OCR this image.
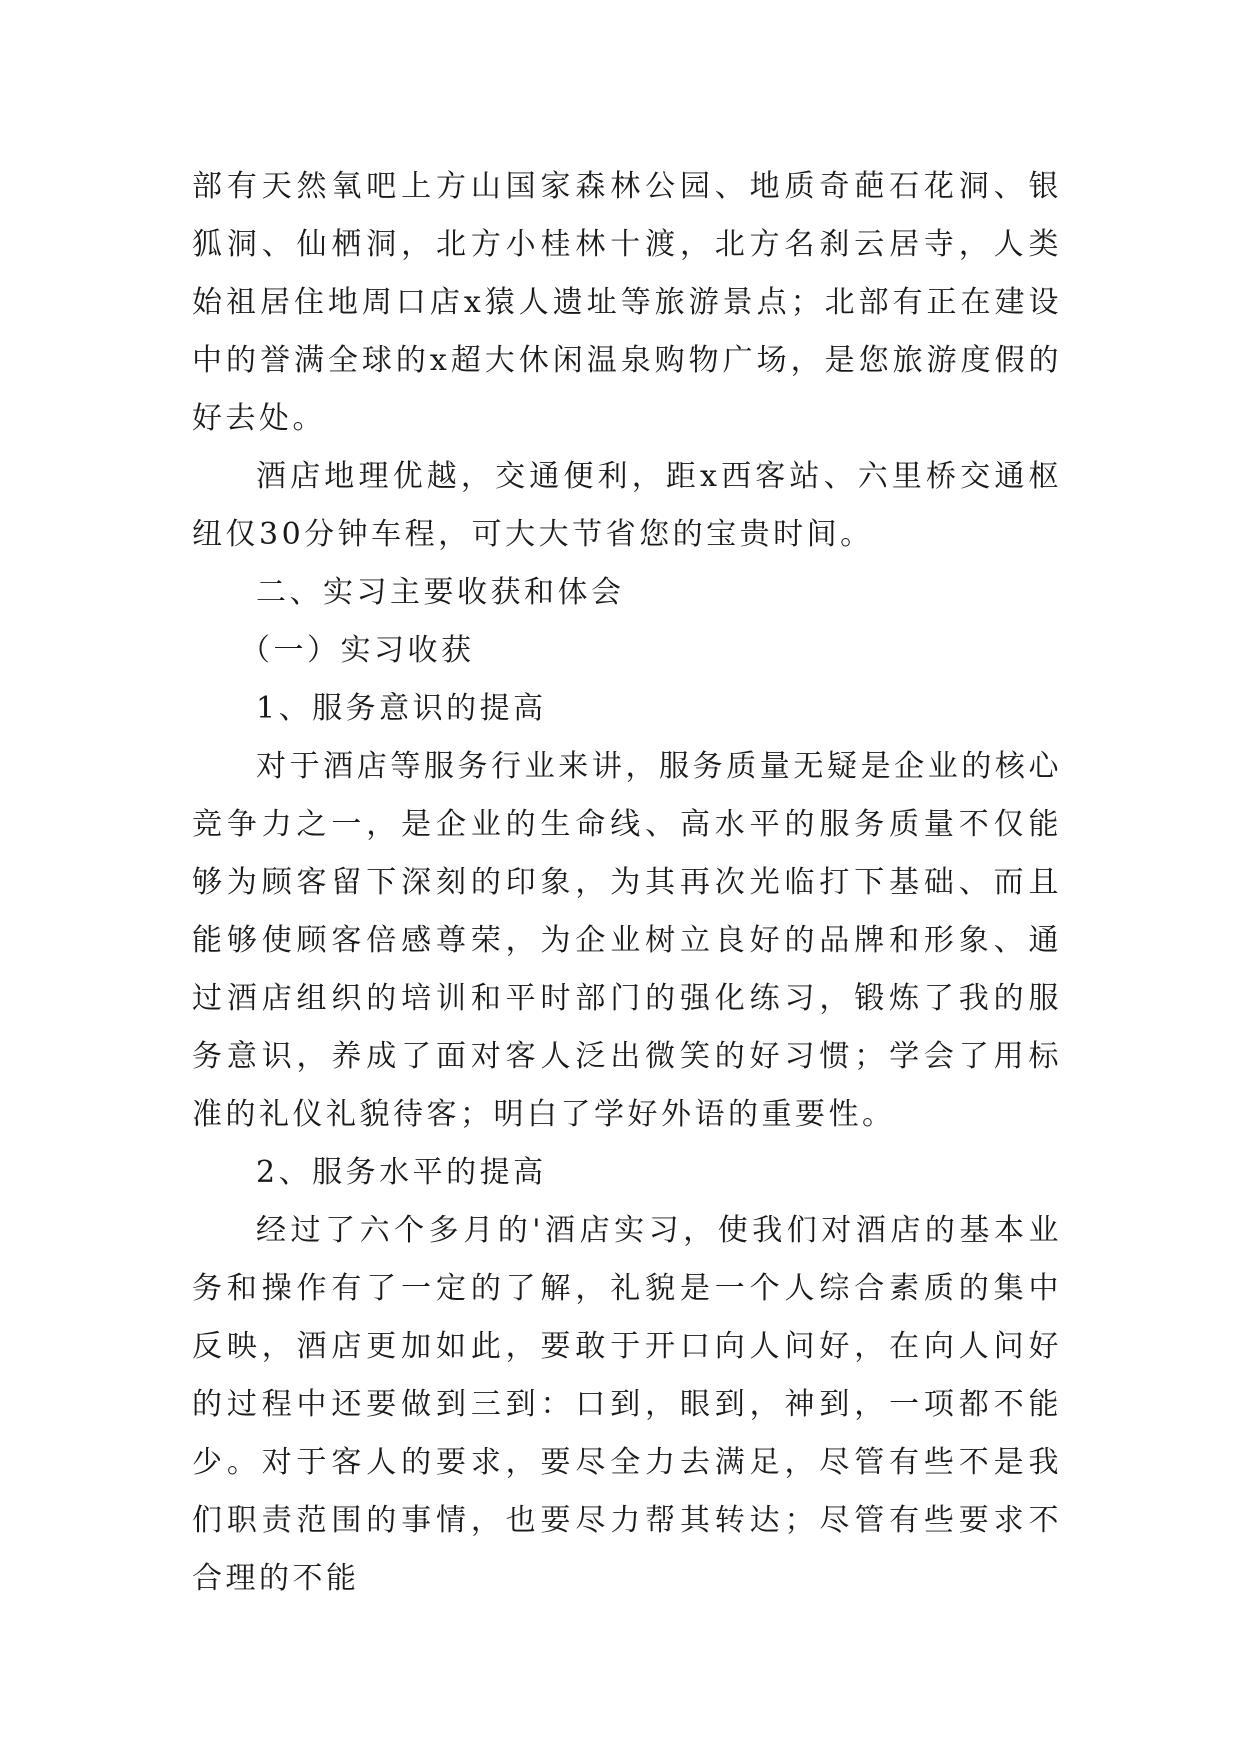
部有天然氧吧上方山国家森林公园、地质奇葩石花洞、银狐洞、仙栖洞，北方小桂林十渡，北方名刹云居寺，人类始祖居住地周口店x猿人遗址等旅游景点；北部有正在建设中的誉满全球的x超大休闲温泉购物广场，是您旅游度假的好去处。

酒店地理优越，交通便利，距x西客站、六里桥交通枢纽仅30分钟车程，可大大节省您的宝贵时间。

二、实习主要收获和体会

（一）实习收获

1、服务意识的提高

对于酒店等服务行业来讲，服务质量无疑是企业的核心竞争力之一，是企业的生命线、高水平的服务质量不仅能够为顾客留下深刻的印象，为其再次光临打下基础、而且能够使顾客倍感尊荣，为企业树立良好的品牌和形象、通过酒店组织的培训和平时部门的强化练习，锻炼了我的服务意识，养成了面对客人泛出微笑的好习惯；学会了用标准的礼仪礼貌待客；明白了学好外语的重要性。

2、服务水平的提高

经过了六个多月的'酒店实习，使我们对酒店的基本业务和操作有了一定的了解，礼貌是一个人综合素质的集中反映，酒店更加如此，要敢于开口向人问好，在向人问好的过程中还要做到三到：口到，眼到，神到，一项都不能少。对于客人的要求，要尽全力去满足，尽管有些不是我们职责范围的事情，也要尽力帮其转达；尽管有些要求不合理的不能
